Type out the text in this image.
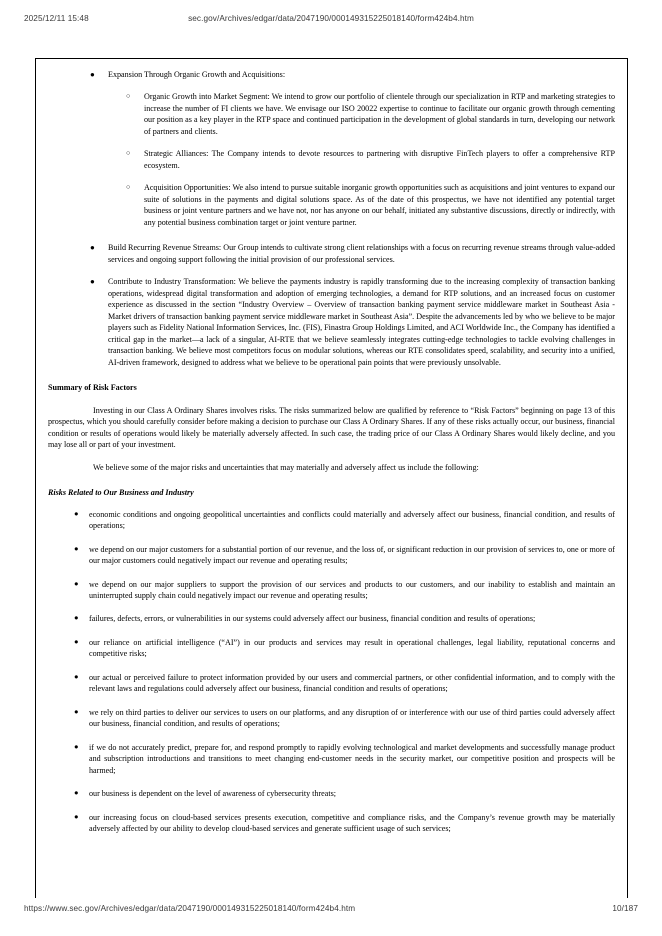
2025/12/11 15:48	sec.gov/Archives/edgar/data/2047190/000149315225018140/form424b4.htm
● Expansion Through Organic Growth and Acquisitions:
○ Organic Growth into Market Segment: We intend to grow our portfolio of clientele through our specialization in RTP and marketing strategies to increase the number of FI clients we have. We envisage our ISO 20022 expertise to continue to facilitate our organic growth through cementing our position as a key player in the RTP space and continued participation in the development of global standards in turn, developing our network of partners and clients.
○ Strategic Alliances: The Company intends to devote resources to partnering with disruptive FinTech players to offer a comprehensive RTP ecosystem.
○ Acquisition Opportunities: We also intend to pursue suitable inorganic growth opportunities such as acquisitions and joint ventures to expand our suite of solutions in the payments and digital solutions space. As of the date of this prospectus, we have not identified any potential target business or joint venture partners and we have not, nor has anyone on our behalf, initiated any substantive discussions, directly or indirectly, with any potential business combination target or joint venture partner.
● Build Recurring Revenue Streams: Our Group intends to cultivate strong client relationships with a focus on recurring revenue streams through value-added services and ongoing support following the initial provision of our professional services.
● Contribute to Industry Transformation: We believe the payments industry is rapidly transforming due to the increasing complexity of transaction banking operations, widespread digital transformation and adoption of emerging technologies, a demand for RTP solutions, and an increased focus on customer experience as discussed in the section “Industry Overview – Overview of transaction banking payment service middleware market in Southeast Asia - Market drivers of transaction banking payment service middleware market in Southeast Asia”. Despite the advancements led by who we believe to be major players such as Fidelity National Information Services, Inc. (FIS), Finastra Group Holdings Limited, and ACI Worldwide Inc., the Company has identified a critical gap in the market—a lack of a singular, AI-RTE that we believe seamlessly integrates cutting-edge technologies to tackle evolving challenges in transaction banking. We believe most competitors focus on modular solutions, whereas our RTE consolidates speed, scalability, and security into a unified, AI-driven framework, designed to address what we believe to be operational pain points that were previously unsolvable.
Summary of Risk Factors

Investing in our Class A Ordinary Shares involves risks. The risks summarized below are qualified by reference to “Risk Factors” beginning on page 13 of this prospectus, which you should carefully consider before making a decision to purchase our Class A Ordinary Shares. If any of these risks actually occur, our business, financial condition or results of operations would likely be materially adversely affected. In such case, the trading price of our Class A Ordinary Shares would likely decline, and you may lose all or part of your investment.

We believe some of the major risks and uncertainties that may materially and adversely affect us include the following:

Risks Related to Our Business and Industry
● economic conditions and ongoing geopolitical uncertainties and conflicts could materially and adversely affect our business, financial condition, and results of operations;
● we depend on our major customers for a substantial portion of our revenue, and the loss of, or significant reduction in our provision of services to, one or more of our major customers could negatively impact our revenue and operating results;
● we depend on our major suppliers to support the provision of our services and products to our customers, and our inability to establish and maintain an uninterrupted supply chain could negatively impact our revenue and operating results;
● failures, defects, errors, or vulnerabilities in our systems could adversely affect our business, financial condition and results of operations;
● our reliance on artificial intelligence (“AI”) in our products and services may result in operational challenges, legal liability, reputational concerns and competitive risks;
● our actual or perceived failure to protect information provided by our users and commercial partners, or other confidential information, and to comply with the relevant laws and regulations could adversely affect our business, financial condition and results of operations;
● we rely on third parties to deliver our services to users on our platforms, and any disruption of or interference with our use of third parties could adversely affect our business, financial condition, and results of operations;
● if we do not accurately predict, prepare for, and respond promptly to rapidly evolving technological and market developments and successfully manage product and subscription introductions and transitions to meet changing end-customer needs in the security market, our competitive position and prospects will be harmed;
● our business is dependent on the level of awareness of cybersecurity threats;
● our increasing focus on cloud-based services presents execution, competitive and compliance risks, and the Company’s revenue growth may be materially adversely affected by our ability to develop cloud-based services and generate sufficient usage of such services;
https://www.sec.gov/Archives/edgar/data/2047190/000149315225018140/form424b4.htm	10/187
